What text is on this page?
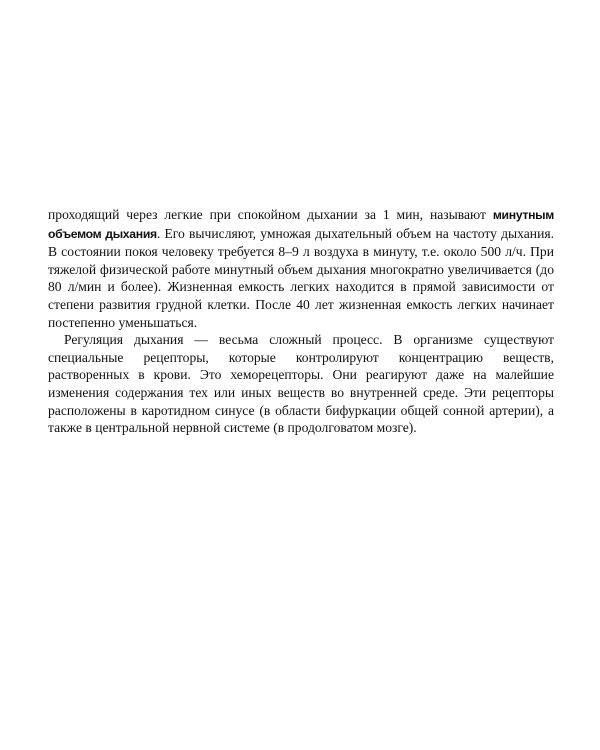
проходящий через легкие при спокойном дыхании за 1 мин, называют минутным объемом дыхания. Его вычисляют, умножая дыхательный объем на частоту дыхания. В состоянии покоя человеку требуется 8–9 л воздуха в минуту, т.е. около 500 л/ч. При тяжелой физической работе минутный объем дыхания многократно увеличивается (до 80 л/мин и более). Жизненная емкость легких находится в прямой зависимости от степени развития грудной клетки. После 40 лет жизненная емкость легких начинает постепенно уменьшаться.

Регуляция дыхания — весьма сложный процесс. В организме существуют специальные рецепторы, которые контролируют концентрацию веществ, растворенных в крови. Это хеморецепторы. Они реагируют даже на малейшие изменения содержания тех или иных веществ во внутренней среде. Эти рецепторы расположены в каротидном синусе (в области бифуркации общей сонной артерии), а также в центральной нервной системе (в продолговатом мозге).
